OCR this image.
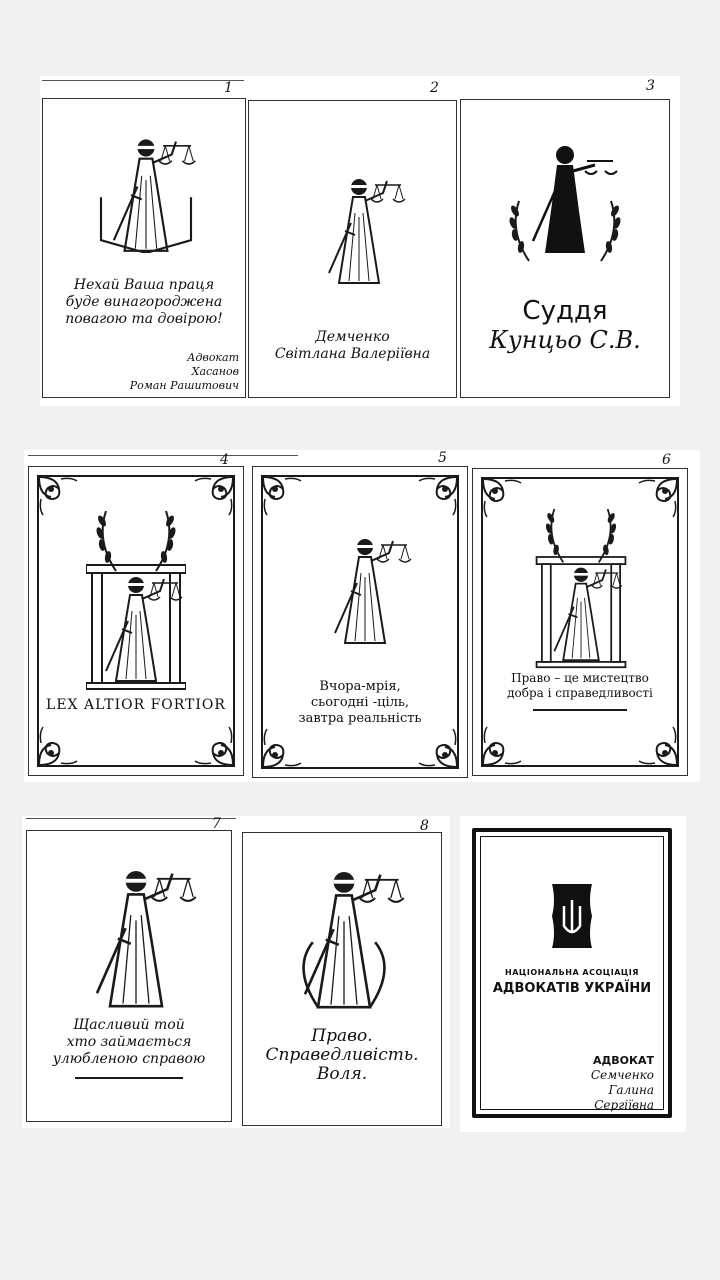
Нехай Ваша праця
буде винагороджена
повагою та довірою!
Адвокат
Хасанов
Роман Рашитович
1
Демченко
Світлана Валеріївна
2
Суддя
Кунцьо С.В.
3
LEX ALTIOR FORTIOR
4
Вчора-мрія,
сьогодні -ціль,
завтра реальність
5
Право – це мистецтво
добра і справедливості
6
Щасливий той
хто займається
улюбленою справою
7
Право.
Справедливість.
Воля.
8
НАЦІОНАЛЬНА АСОЦІАЦІЯ
АДВОКАТІВ УКРАЇНИ
АДВОКАТ
Семченко
Галина
Сергіївна
